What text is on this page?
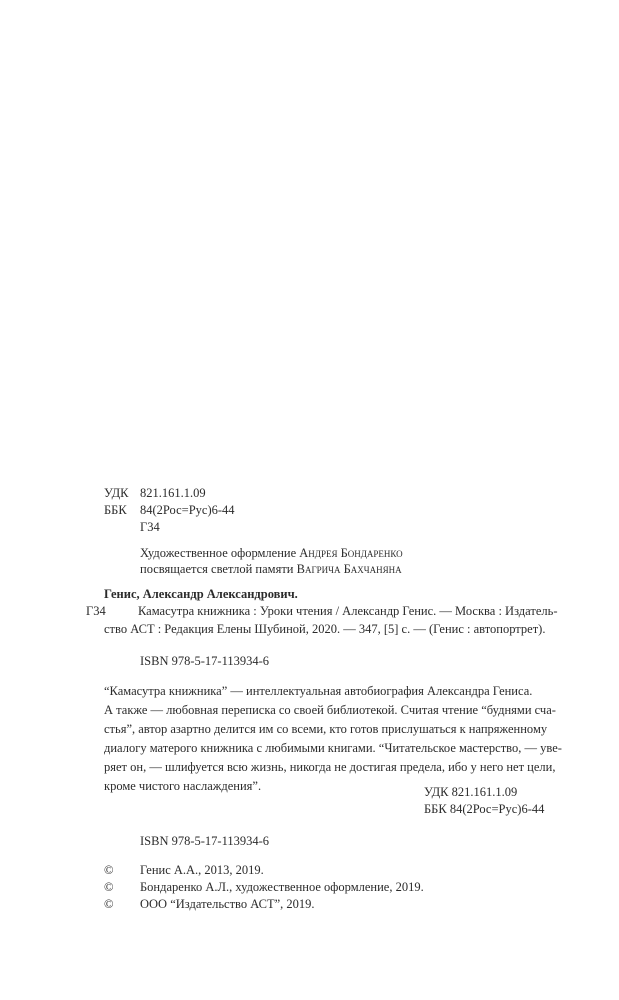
УДК 821.161.1.09
ББК 84(2Рос=Рус)6-44
Г34
Художественное оформление Андрея Бондаренко
посвящается светлой памяти Вагрича Бахчаняна
Генис, Александр Александрович.
Г34	Камасутра книжника : Уроки чтения / Александр Генис. — Москва : Издатель-
ство АСТ : Редакция Елены Шубиной, 2020. — 347, [5] с. — (Генис : автопортрет).
ISBN 978-5-17-113934-6
“Камасутра книжника” — интеллектуальная автобиография Александра Гениса.
А также — любовная переписка со своей библиотекой. Считая чтение “буднями сча-
стья”, автор азартно делится им со всеми, кто готов прислушаться к напряженному
диалогу матерого книжника с любимыми книгами. “Читательское мастерство, — уве-
ряет он, — шлифуется всю жизнь, никогда не достигая предела, ибо у него нет цели,
кроме чистого наслаждения”.	УДК 821.161.1.09
ББК 84(2Рос=Рус)6-44
ISBN 978-5-17-113934-6
© Генис А.А., 2013, 2019.
© Бондаренко А.Л., художественное оформление, 2019.
© ООО “Издательство АСТ”, 2019.
